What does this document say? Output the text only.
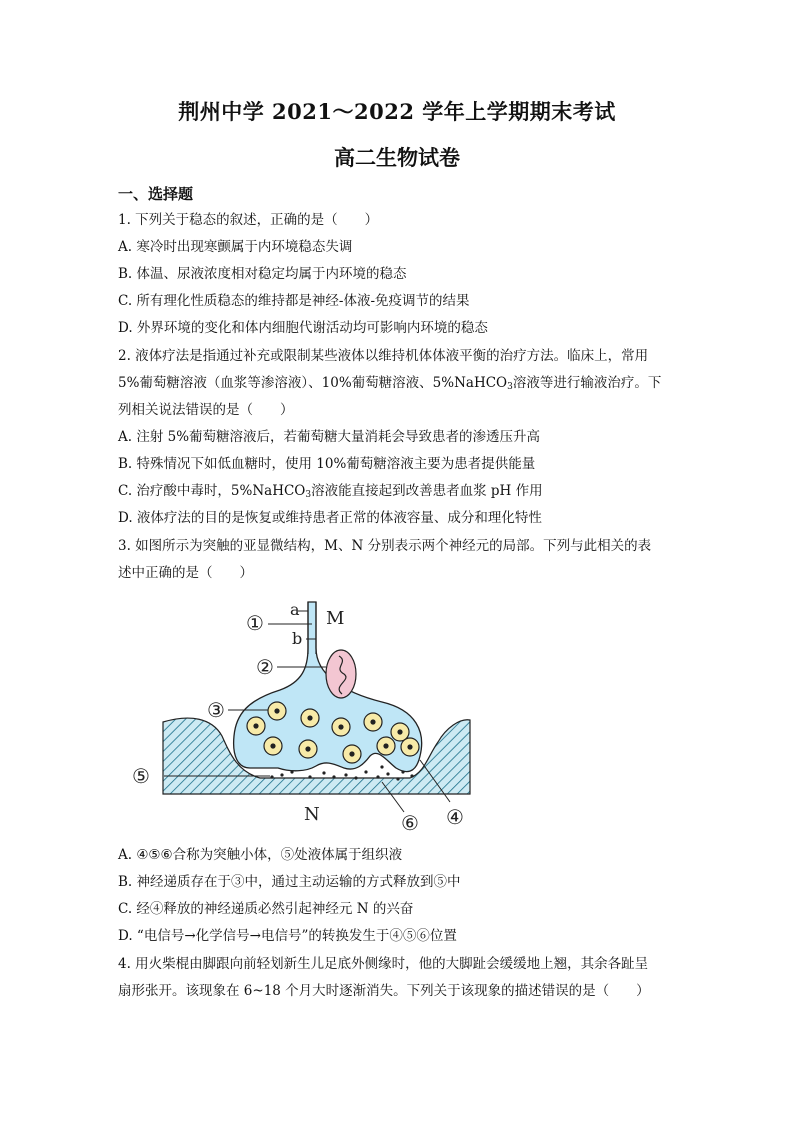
荆州中学 2021～2022 学年上学期期末考试
高二生物试卷
一、选择题
1. 下列关于稳态的叙述，正确的是（　　）
A. 寒冷时出现寒颤属于内环境稳态失调
B. 体温、尿液浓度相对稳定均属于内环境的稳态
C. 所有理化性质稳态的维持都是神经-体液-免疫调节的结果
D. 外界环境的变化和体内细胞代谢活动均可影响内环境的稳态
2. 液体疗法是指通过补充或限制某些液体以维持机体体液平衡的治疗方法。临床上，常用
5%葡萄糖溶液（血浆等渗溶液）、10%葡萄糖溶液、5%NaHCO$_3$溶液等进行输液治疗。下
列相关说法错误的是（　　）
A. 注射 5%葡萄糖溶液后，若葡萄糖大量消耗会导致患者的渗透压升高
B. 特殊情况下如低血糖时，使用 10%葡萄糖溶液主要为患者提供能量
C. 治疗酸中毒时，5%NaHCO$_3$溶液能直接起到改善患者血浆 pH 作用
D. 液体疗法的目的是恢复或维持患者正常的体液容量、成分和理化特性
3. 如图所示为突触的亚显微结构，M、N 分别表示两个神经元的局部。下列与此相关的表
述中正确的是（　　）
a
b
M
N
①
②
③
⑤
④
⑥
A. ④⑤⑥合称为突触小体，⑤处液体属于组织液
B. 神经递质存在于③中，通过主动运输的方式释放到⑤中
C. 经④释放的神经递质必然引起神经元 N 的兴奋
D. “电信号→化学信号→电信号”的转换发生于④⑤⑥位置
4. 用火柴棍由脚跟向前轻划新生儿足底外侧缘时，他的大脚趾会缓缓地上翘，其余各趾呈
扇形张开。该现象在 6~18 个月大时逐渐消失。下列关于该现象的描述错误的是（　　）
